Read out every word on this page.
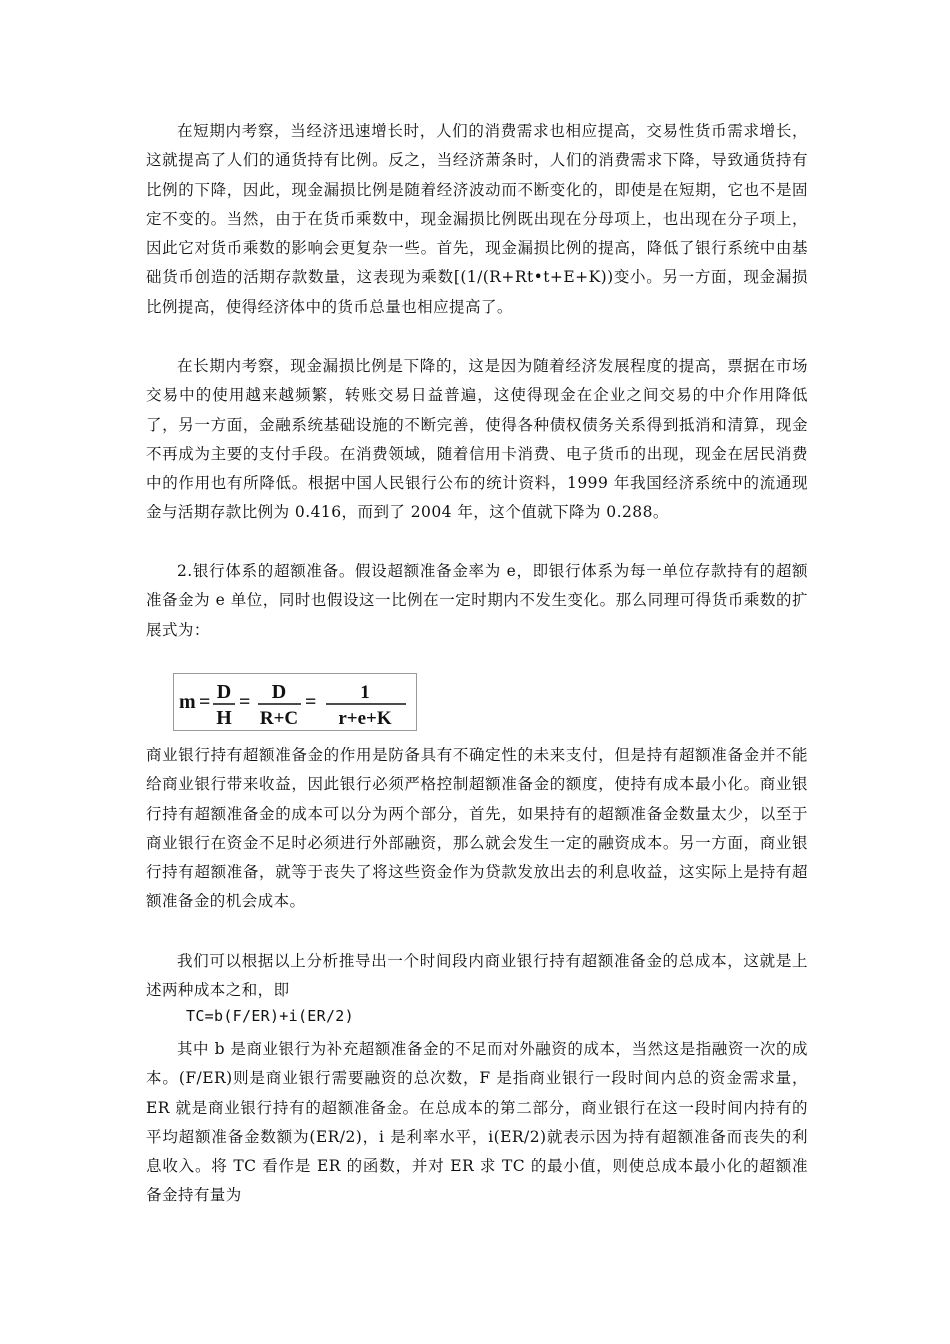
在短期内考察，当经济迅速增长时，人们的消费需求也相应提高，交易性货币需求增长，这就提高了人们的通货持有比例。反之，当经济萧条时，人们的消费需求下降，导致通货持有比例的下降，因此，现金漏损比例是随着经济波动而不断变化的，即使是在短期，它也不是固定不变的。当然，由于在货币乘数中，现金漏损比例既出现在分母项上，也出现在分子项上，因此它对货币乘数的影响会更复杂一些。首先，现金漏损比例的提高，降低了银行系统中由基础货币创造的活期存款数量，这表现为乘数[(1/(R+Rt•t+E+K))变小。另一方面，现金漏损比例提高，使得经济体中的货币总量也相应提高了。

在长期内考察，现金漏损比例是下降的，这是因为随着经济发展程度的提高，票据在市场交易中的使用越来越频繁，转账交易日益普遍，这使得现金在企业之间交易的中介作用降低了，另一方面，金融系统基础设施的不断完善，使得各种债权债务关系得到抵消和清算，现金不再成为主要的支付手段。在消费领域，随着信用卡消费、电子货币的出现，现金在居民消费中的作用也有所降低。根据中国人民银行公布的统计资料，1999 年我国经济系统中的流通现金与活期存款比例为 0.416，而到了 2004 年，这个值就下降为 0.288。

2.银行体系的超额准备。假设超额准备金率为 e，即银行体系为每一单位存款持有的超额准备金为 e 单位，同时也假设这一比例在一定时期内不发生变化。那么同理可得货币乘数的扩展式为：

m = D
H
= D
R+C
= 1
r+e+K

商业银行持有超额准备金的作用是防备具有不确定性的未来支付，但是持有超额准备金并不能给商业银行带来收益，因此银行必须严格控制超额准备金的额度，使持有成本最小化。商业银行持有超额准备金的成本可以分为两个部分，首先，如果持有的超额准备金数量太少，以至于商业银行在资金不足时必须进行外部融资，那么就会发生一定的融资成本。另一方面，商业银行持有超额准备，就等于丧失了将这些资金作为贷款发放出去的利息收益，这实际上是持有超额准备金的机会成本。

我们可以根据以上分析推导出一个时间段内商业银行持有超额准备金的总成本，这就是上述两种成本之和，即

TC=b(F/ER)+i(ER/2)

其中 b 是商业银行为补充超额准备金的不足而对外融资的成本，当然这是指融资一次的成本。(F/ER)则是商业银行需要融资的总次数，F 是指商业银行一段时间内总的资金需求量，ER 就是商业银行持有的超额准备金。在总成本的第二部分，商业银行在这一段时间内持有的平均超额准备金数额为(ER/2)，i 是利率水平，i(ER/2)就表示因为持有超额准备而丧失的利息收入。将 TC 看作是 ER 的函数，并对 ER 求 TC 的最小值，则使总成本最小化的超额准备金持有量为
